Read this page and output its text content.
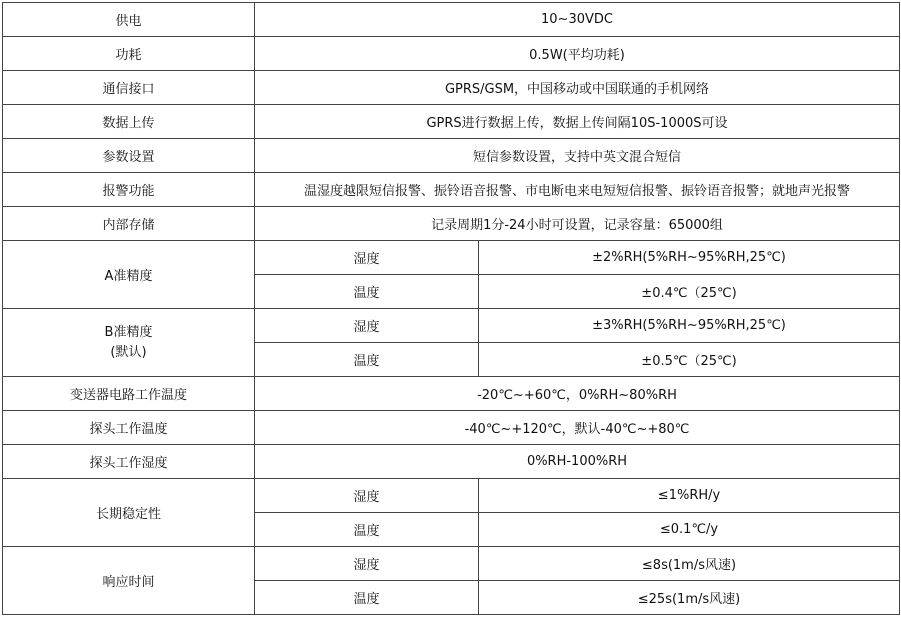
供电	10~30VDC	
功耗	0.5W(平均功耗)	
通信接口	GPRS/GSM，中国移动或中国联通的手机网络	
数据上传	GPRS进行数据上传，数据上传间隔10S-1000S可设	
参数设置	短信参数设置，支持中英文混合短信	
报警功能	温湿度越限短信报警、振铃语音报警、市电断电来电短短信报警、振铃语音报警；就地声光报警	
内部存储	记录周期1分-24小时可设置，记录容量：65000组	
A准精度	湿度	±2%RH(5%RH~95%RH,25℃)
	温度	±0.4℃（25℃)

B准精度
(默认)	湿度	±3%RH(5%RH~95%RH,25℃)
	温度	±0.5℃（25℃)
变送器电路工作温度	-20℃~+60℃，0%RH~80%RH	
探头工作温度	-40℃~+120℃，默认-40℃~+80℃	
探头工作湿度	0%RH-100%RH	
长期稳定性	湿度	≤1%RH/y
	温度	≤0.1℃/y
响应时间	湿度	≤8s(1m/s风速)
	温度	≤25s(1m/s风速)
